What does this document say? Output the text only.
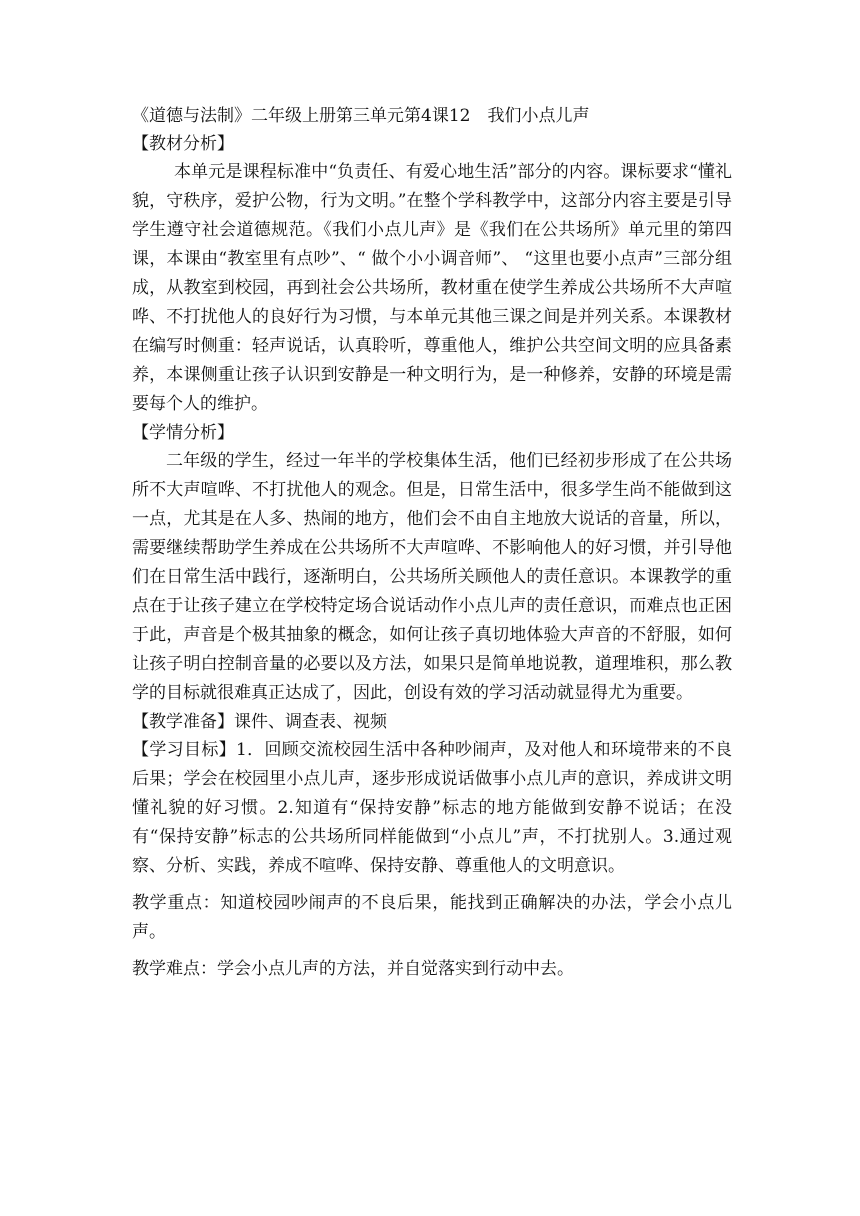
《道德与法制》二年级上册第三单元第4课12　我们小点儿声
【教材分析】

本单元是课程标准中“负责任、有爱心地生活”部分的内容。课标要求“懂礼貌，守秩序，爱护公物，行为文明。”在整个学科教学中，这部分内容主要是引导学生遵守社会道德规范。《我们小点儿声》是《我们在公共场所》单元里的第四课，本课由“教室里有点吵”、“ 做个小小调音师”、 “这里也要小点声”三部分组成，从教室到校园，再到社会公共场所，教材重在使学生养成公共场所不大声喧哗、不打扰他人的良好行为习惯，与本单元其他三课之间是并列关系。本课教材在编写时侧重：轻声说话，认真聆听，尊重他人，维护公共空间文明的应具备素养，本课侧重让孩子认识到安静是一种文明行为，是一种修养，安静的环境是需要每个人的维护。

【学情分析】

二年级的学生，经过一年半的学校集体生活，他们已经初步形成了在公共场所不大声喧哗、不打扰他人的观念。但是，日常生活中，很多学生尚不能做到这一点，尤其是在人多、热闹的地方，他们会不由自主地放大说话的音量，所以，需要继续帮助学生养成在公共场所不大声喧哗、不影响他人的好习惯，并引导他们在日常生活中践行，逐渐明白，公共场所关顾他人的责任意识。本课教学的重点在于让孩子建立在学校特定场合说话动作小点儿声的责任意识，而难点也正困于此，声音是个极其抽象的概念，如何让孩子真切地体验大声音的不舒服，如何让孩子明白控制音量的必要以及方法，如果只是简单地说教，道理堆积，那么教学的目标就很难真正达成了，因此，创设有效的学习活动就显得尤为重要。

【教学准备】课件、调查表、视频

【学习目标】1．回顾交流校园生活中各种吵闹声，及对他人和环境带来的不良后果；学会在校园里小点儿声，逐步形成说话做事小点儿声的意识，养成讲文明懂礼貌的好习惯。2.知道有“保持安静”标志的地方能做到安静不说话；在没有“保持安静”标志的公共场所同样能做到“小点儿”声，不打扰别人。3.通过观察、分析、实践，养成不喧哗、保持安静、尊重他人的文明意识。

教学重点：知道校园吵闹声的不良后果，能找到正确解决的办法，学会小点儿声。

教学难点：学会小点儿声的方法，并自觉落实到行动中去。
